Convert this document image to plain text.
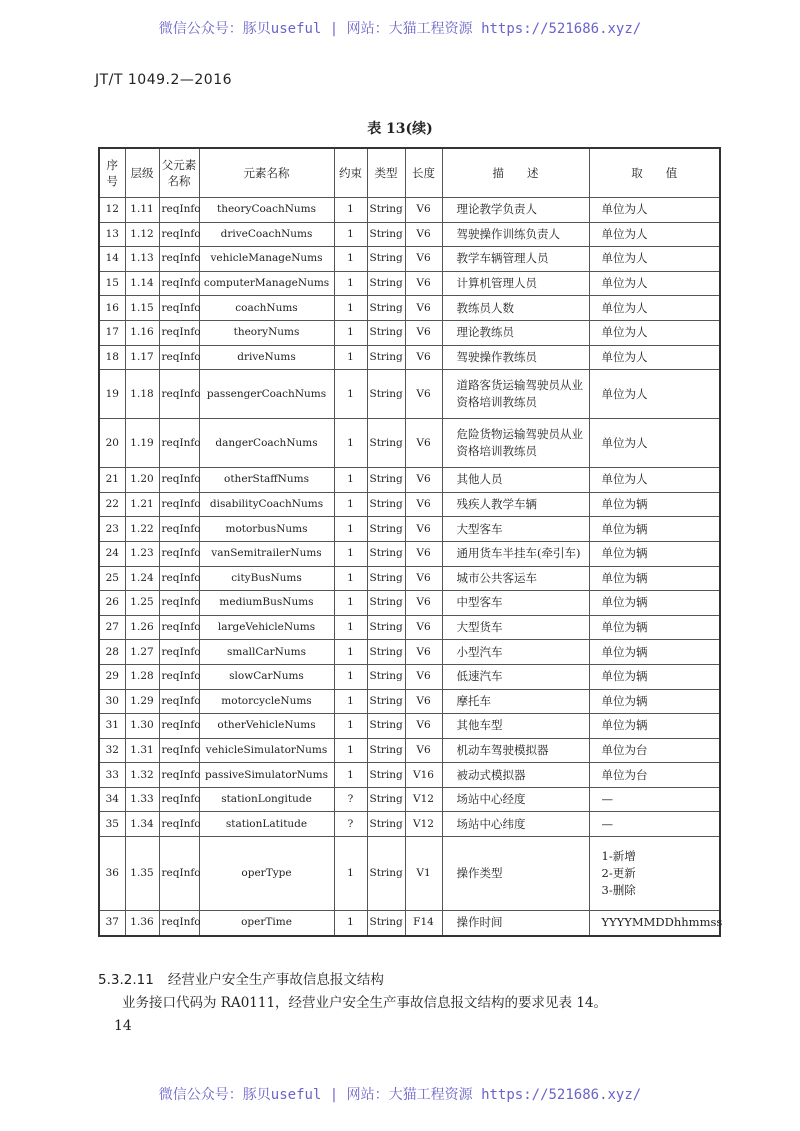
微信公众号：豚贝useful | 网站：大猫工程资源 https://521686.xyz/
JT/T 1049.2—2016
表 13(续)
序号	层级	父元素名称	元素名称	约束	类型	长度	描　　述	取　　值
12	1.11	reqInfo	theoryCoachNums	1	String	V6	理论教学负责人	单位为人
13	1.12	reqInfo	driveCoachNums	1	String	V6	驾驶操作训练负责人	单位为人
14	1.13	reqInfo	vehicleManageNums	1	String	V6	教学车辆管理人员	单位为人
15	1.14	reqInfo	computerManageNums	1	String	V6	计算机管理人员	单位为人
16	1.15	reqInfo	coachNums	1	String	V6	教练员人数	单位为人
17	1.16	reqInfo	theoryNums	1	String	V6	理论教练员	单位为人
18	1.17	reqInfo	driveNums	1	String	V6	驾驶操作教练员	单位为人
19	1.18	reqInfo	passengerCoachNums	1	String	V6	道路客货运输驾驶员从业资格培训教练员	单位为人
20	1.19	reqInfo	dangerCoachNums	1	String	V6	危险货物运输驾驶员从业资格培训教练员	单位为人
21	1.20	reqInfo	otherStaffNums	1	String	V6	其他人员	单位为人
22	1.21	reqInfo	disabilityCoachNums	1	String	V6	残疾人教学车辆	单位为辆
23	1.22	reqInfo	motorbusNums	1	String	V6	大型客车	单位为辆
24	1.23	reqInfo	vanSemitrailerNums	1	String	V6	通用货车半挂车(牵引车)	单位为辆
25	1.24	reqInfo	cityBusNums	1	String	V6	城市公共客运车	单位为辆
26	1.25	reqInfo	mediumBusNums	1	String	V6	中型客车	单位为辆
27	1.26	reqInfo	largeVehicleNums	1	String	V6	大型货车	单位为辆
28	1.27	reqInfo	smallCarNums	1	String	V6	小型汽车	单位为辆
29	1.28	reqInfo	slowCarNums	1	String	V6	低速汽车	单位为辆
30	1.29	reqInfo	motorcycleNums	1	String	V6	摩托车	单位为辆
31	1.30	reqInfo	otherVehicleNums	1	String	V6	其他车型	单位为辆
32	1.31	reqInfo	vehicleSimulatorNums	1	String	V6	机动车驾驶模拟器	单位为台
33	1.32	reqInfo	passiveSimulatorNums	1	String	V16	被动式模拟器	单位为台
34	1.33	reqInfo	stationLongitude	?	String	V12	场站中心经度	—
35	1.34	reqInfo	stationLatitude	?	String	V12	场站中心纬度	—
36	1.35	reqInfo	operType	1	String	V1	操作类型	1-新增
2-更新
3-删除
37	1.36	reqInfo	operTime	1	String	F14	操作时间	YYYYMMDDhhmmss
5.3.2.11 经营业户安全生产事故信息报文结构
业务接口代码为 RA0111，经营业户安全生产事故信息报文结构的要求见表 14。
14
微信公众号：豚贝useful | 网站：大猫工程资源 https://521686.xyz/
